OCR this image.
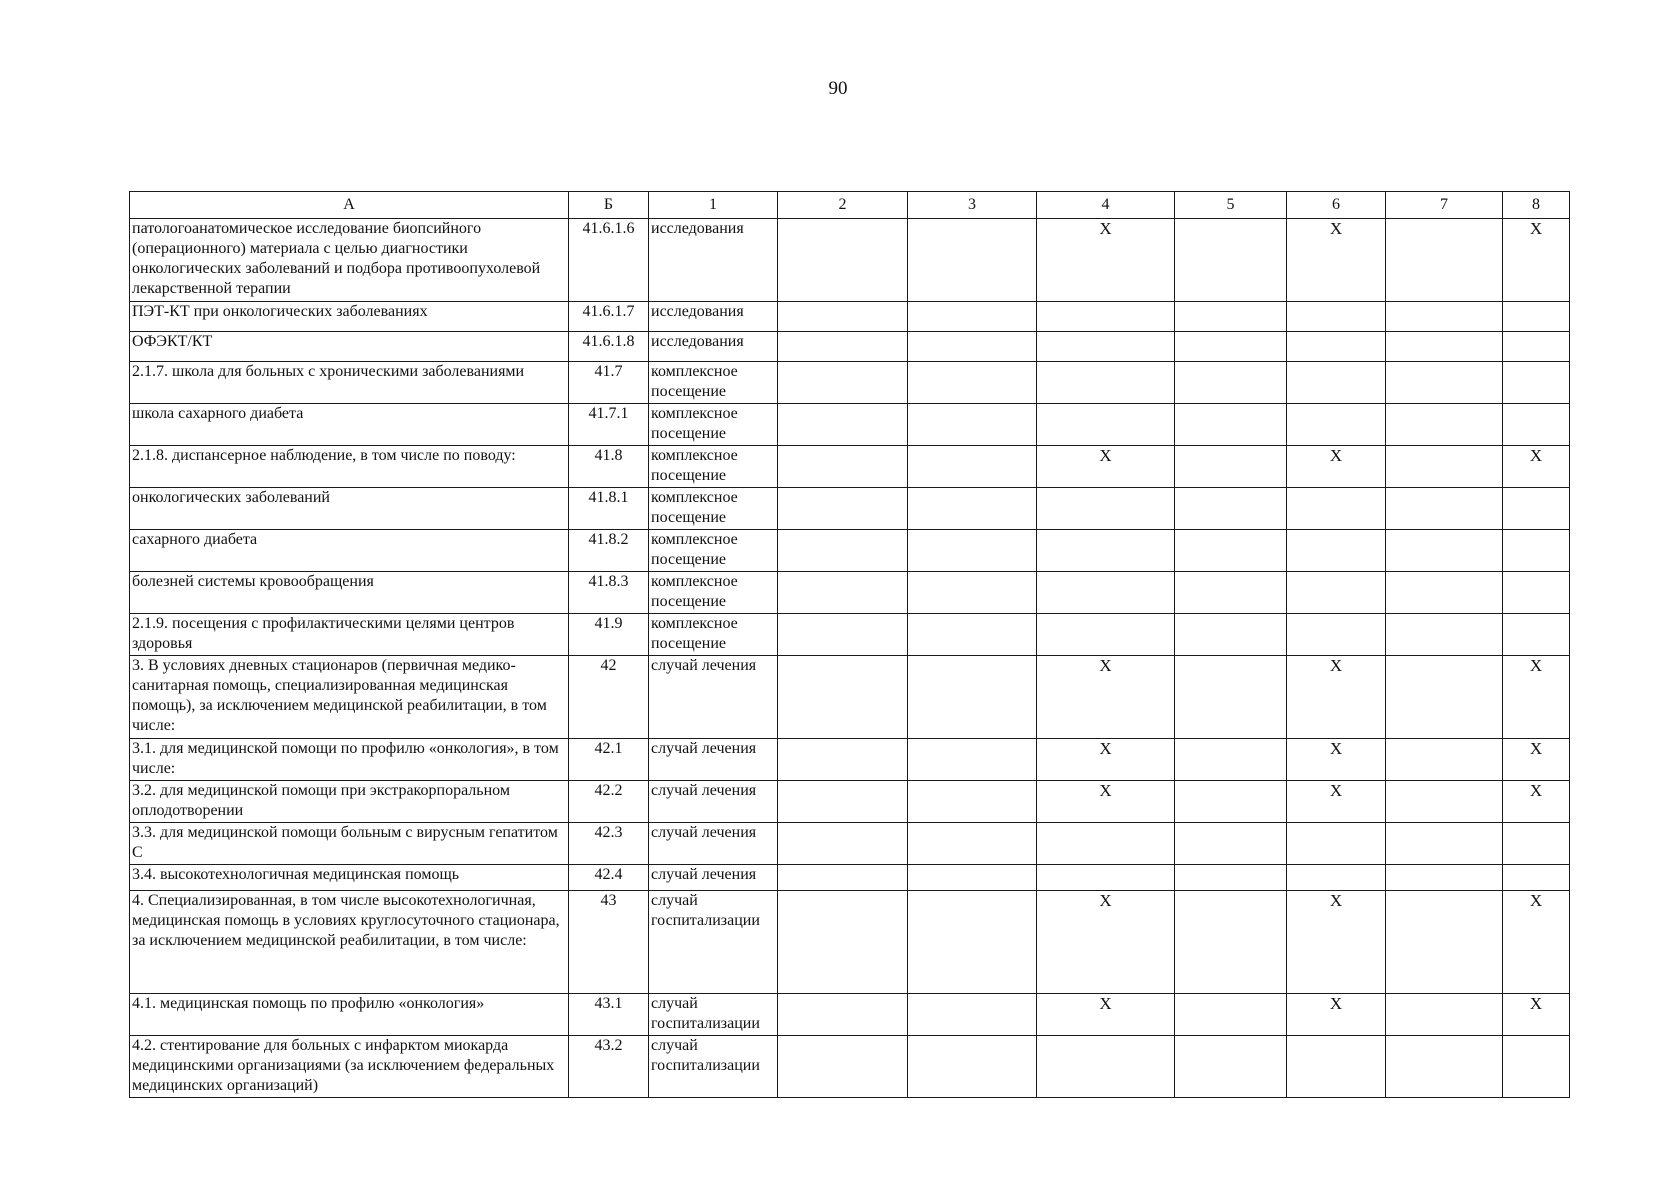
90
А	Б	1	2	3	4	5	6	7	8
патологоанатомическое исследование биопсийного (операционного) материала с целью диагностики онкологических заболеваний и подбора противоопухолевой лекарственной терапии	41.6.1.6	исследования			X		X		X
ПЭТ-КТ при онкологических заболеваниях	41.6.1.7	исследования							
ОФЭКТ/КТ	41.6.1.8	исследования							
2.1.7. школа для больных с хроническими заболеваниями	41.7	комплексное посещение							
школа сахарного диабета	41.7.1	комплексное посещение							
2.1.8. диспансерное наблюдение, в том числе по поводу:	41.8	комплексное посещение			X		X		X
онкологических заболеваний	41.8.1	комплексное посещение							
сахарного диабета	41.8.2	комплексное посещение							
болезней системы кровообращения	41.8.3	комплексное посещение							
2.1.9. посещения с профилактическими целями центров здоровья	41.9	комплексное посещение							
3. В условиях дневных стационаров (первичная медико-санитарная помощь, специализированная медицинская помощь), за исключением медицинской реабилитации, в том числе:	42	случай лечения			X		X		X
3.1. для медицинской помощи по профилю «онкология», в том числе:	42.1	случай лечения			X		X		X
3.2. для медицинской помощи при экстракорпоральном оплодотворении	42.2	случай лечения			X		X		X
3.3. для медицинской помощи больным с вирусным гепатитом С	42.3	случай лечения							
3.4. высокотехнологичная медицинская помощь	42.4	случай лечения							
4. Специализированная, в том числе высокотехнологичная, медицинская помощь в условиях круглосуточного стационара, за исключением медицинской реабилитации, в том числе:	43	случай госпитализации			X		X		X
4.1. медицинская помощь по профилю «онкология»	43.1	случай госпитализации			X		X		X
4.2. стентирование для больных с инфарктом миокарда медицинскими организациями (за исключением федеральных медицинских организаций)	43.2	случай госпитализации							
